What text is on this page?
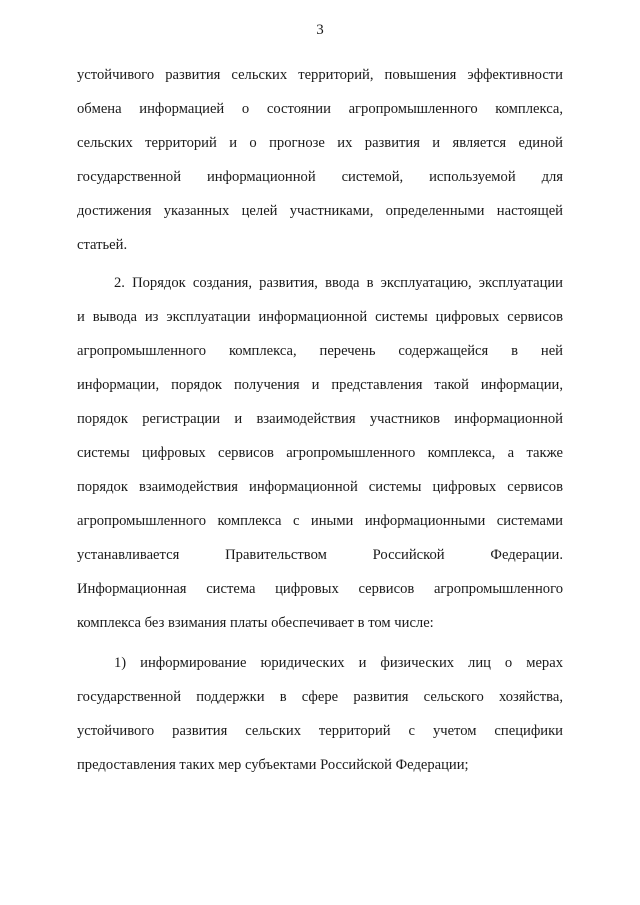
3
устойчивого развития сельских территорий, повышения эффективности
обмена информацией о состоянии агропромышленного комплекса,
сельских территорий и о прогнозе их развития и является единой
государственной информационной системой, используемой для
достижения указанных целей участниками, определенными настоящей
статьей.
2. Порядок создания, развития, ввода в эксплуатацию, эксплуатации
и вывода из эксплуатации информационной системы цифровых сервисов
агропромышленного комплекса, перечень содержащейся в ней
информации, порядок получения и представления такой информации,
порядок регистрации и взаимодействия участников информационной
системы цифровых сервисов агропромышленного комплекса, а также
порядок взаимодействия информационной системы цифровых сервисов
агропромышленного комплекса с иными информационными системами
устанавливается Правительством Российской Федерации.
Информационная система цифровых сервисов агропромышленного
комплекса без взимания платы обеспечивает в том числе:
1) информирование юридических и физических лиц о мерах
государственной поддержки в сфере развития сельского хозяйства,
устойчивого развития сельских территорий с учетом специфики
предоставления таких мер субъектами Российской Федерации;
